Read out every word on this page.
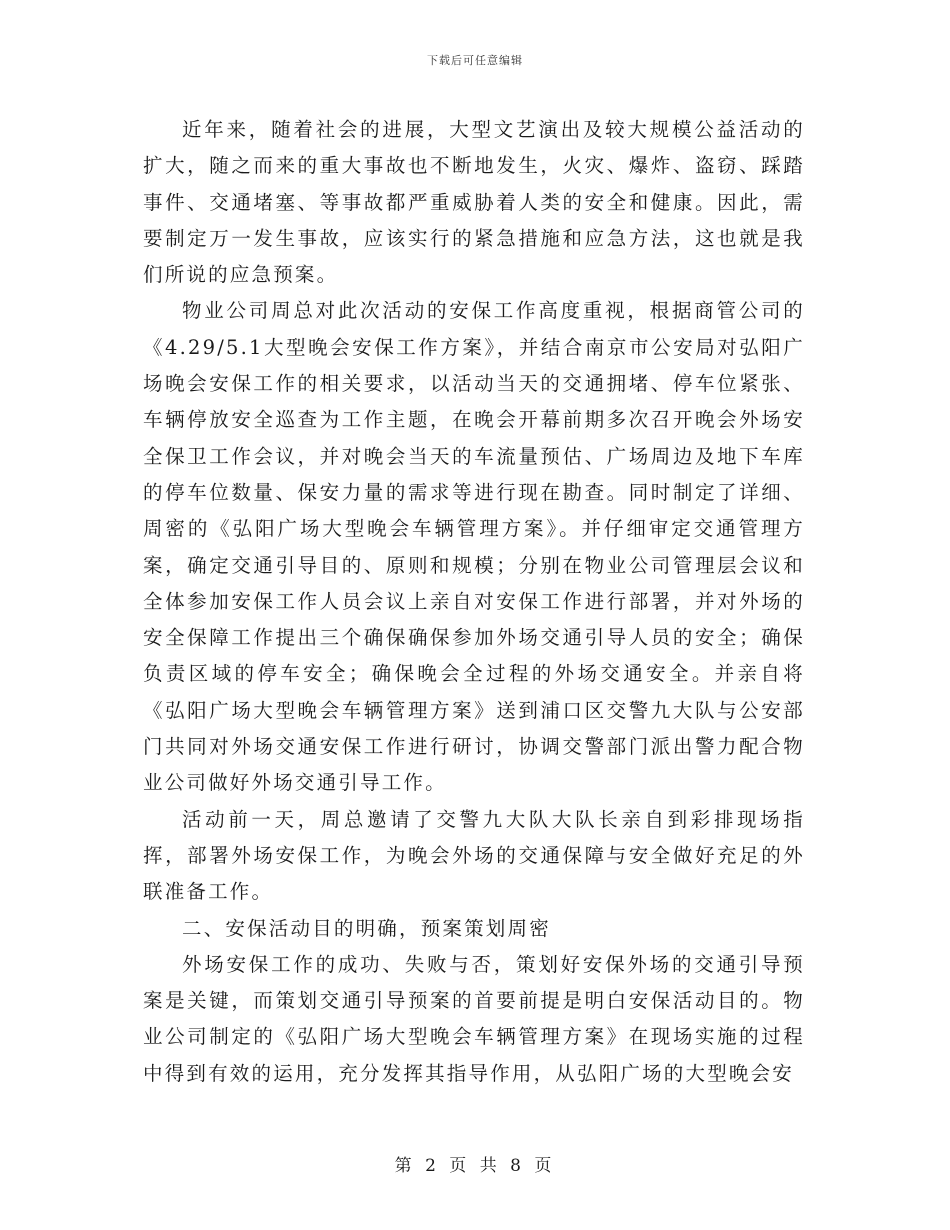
下载后可任意编辑

近年来，随着社会的进展，大型文艺演出及较大规模公益活动的扩大，随之而来的重大事故也不断地发生，火灾、爆炸、盗窃、踩踏事件、交通堵塞、等事故都严重威胁着人类的安全和健康。因此，需要制定万一发生事故，应该实行的紧急措施和应急方法，这也就是我们所说的应急预案。

物业公司周总对此次活动的安保工作高度重视，根据商管公司的《4.29/5.1大型晚会安保工作方案》，并结合南京市公安局对弘阳广场晚会安保工作的相关要求，以活动当天的交通拥堵、停车位紧张、车辆停放安全巡查为工作主题，在晚会开幕前期多次召开晚会外场安全保卫工作会议，并对晚会当天的车流量预估、广场周边及地下车库的停车位数量、保安力量的需求等进行现在勘查。同时制定了详细、周密的《弘阳广场大型晚会车辆管理方案》。并仔细审定交通管理方案，确定交通引导目的、原则和规模；分别在物业公司管理层会议和全体参加安保工作人员会议上亲自对安保工作进行部署，并对外场的安全保障工作提出三个确保确保参加外场交通引导人员的安全；确保负责区域的停车安全；确保晚会全过程的外场交通安全。并亲自将《弘阳广场大型晚会车辆管理方案》送到浦口区交警九大队与公安部门共同对外场交通安保工作进行研讨，协调交警部门派出警力配合物业公司做好外场交通引导工作。

活动前一天，周总邀请了交警九大队大队长亲自到彩排现场指挥，部署外场安保工作，为晚会外场的交通保障与安全做好充足的外联准备工作。

二、安保活动目的明确，预案策划周密

外场安保工作的成功、失败与否，策划好安保外场的交通引导预案是关键，而策划交通引导预案的首要前提是明白安保活动目的。物业公司制定的《弘阳广场大型晚会车辆管理方案》在现场实施的过程中得到有效的运用，充分发挥其指导作用，从弘阳广场的大型晚会安

第 2 页 共 8 页
